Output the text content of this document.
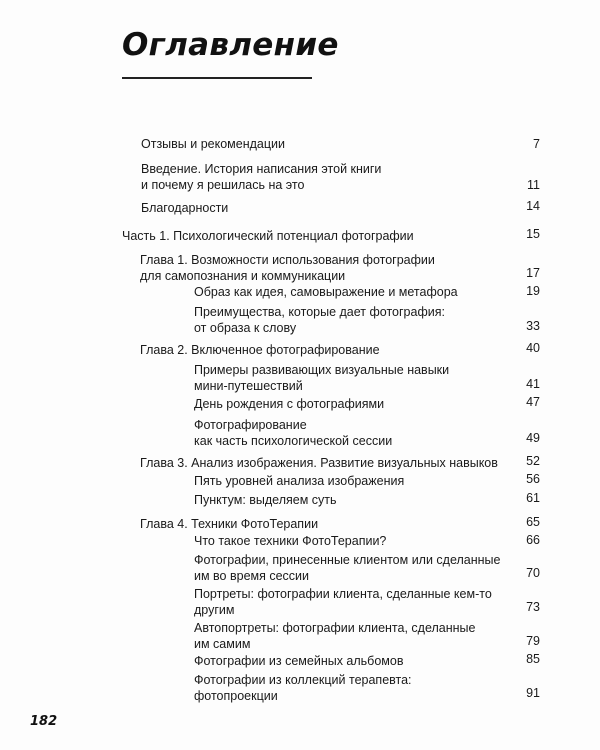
Оглавление
Отзывы и рекомендации	7
Введение. История написания этой книги
и почему я решилась на это	11
Благодарности	14
Часть 1. Психологический потенциал фотографии	15
Глава 1. Возможности использования фотографии
для самопознания и коммуникации	17
Образ как идея, самовыражение и метафора	19
Преимущества, которые дает фотография:
от образа к слову	33
Глава 2. Включенное фотографирование	40
Примеры развивающих визуальные навыки
мини-путешествий	41
День рождения с фотографиями	47
Фотографирование
как часть психологической сессии	49
Глава 3. Анализ изображения. Развитие визуальных навыков	52
Пять уровней анализа изображения	56
Пунктум: выделяем суть	61
Глава 4. Техники ФотоТерапии	65
Что такое техники ФотоТерапии?	66
Фотографии, принесенные клиентом или сделанные
им во время сессии	70
Портреты: фотографии клиента, сделанные кем-то
другим	73
Автопортреты: фотографии клиента, сделанные
им самим	79
Фотографии из семейных альбомов	85
Фотографии из коллекций терапевта:
фотопроекции	91
182
